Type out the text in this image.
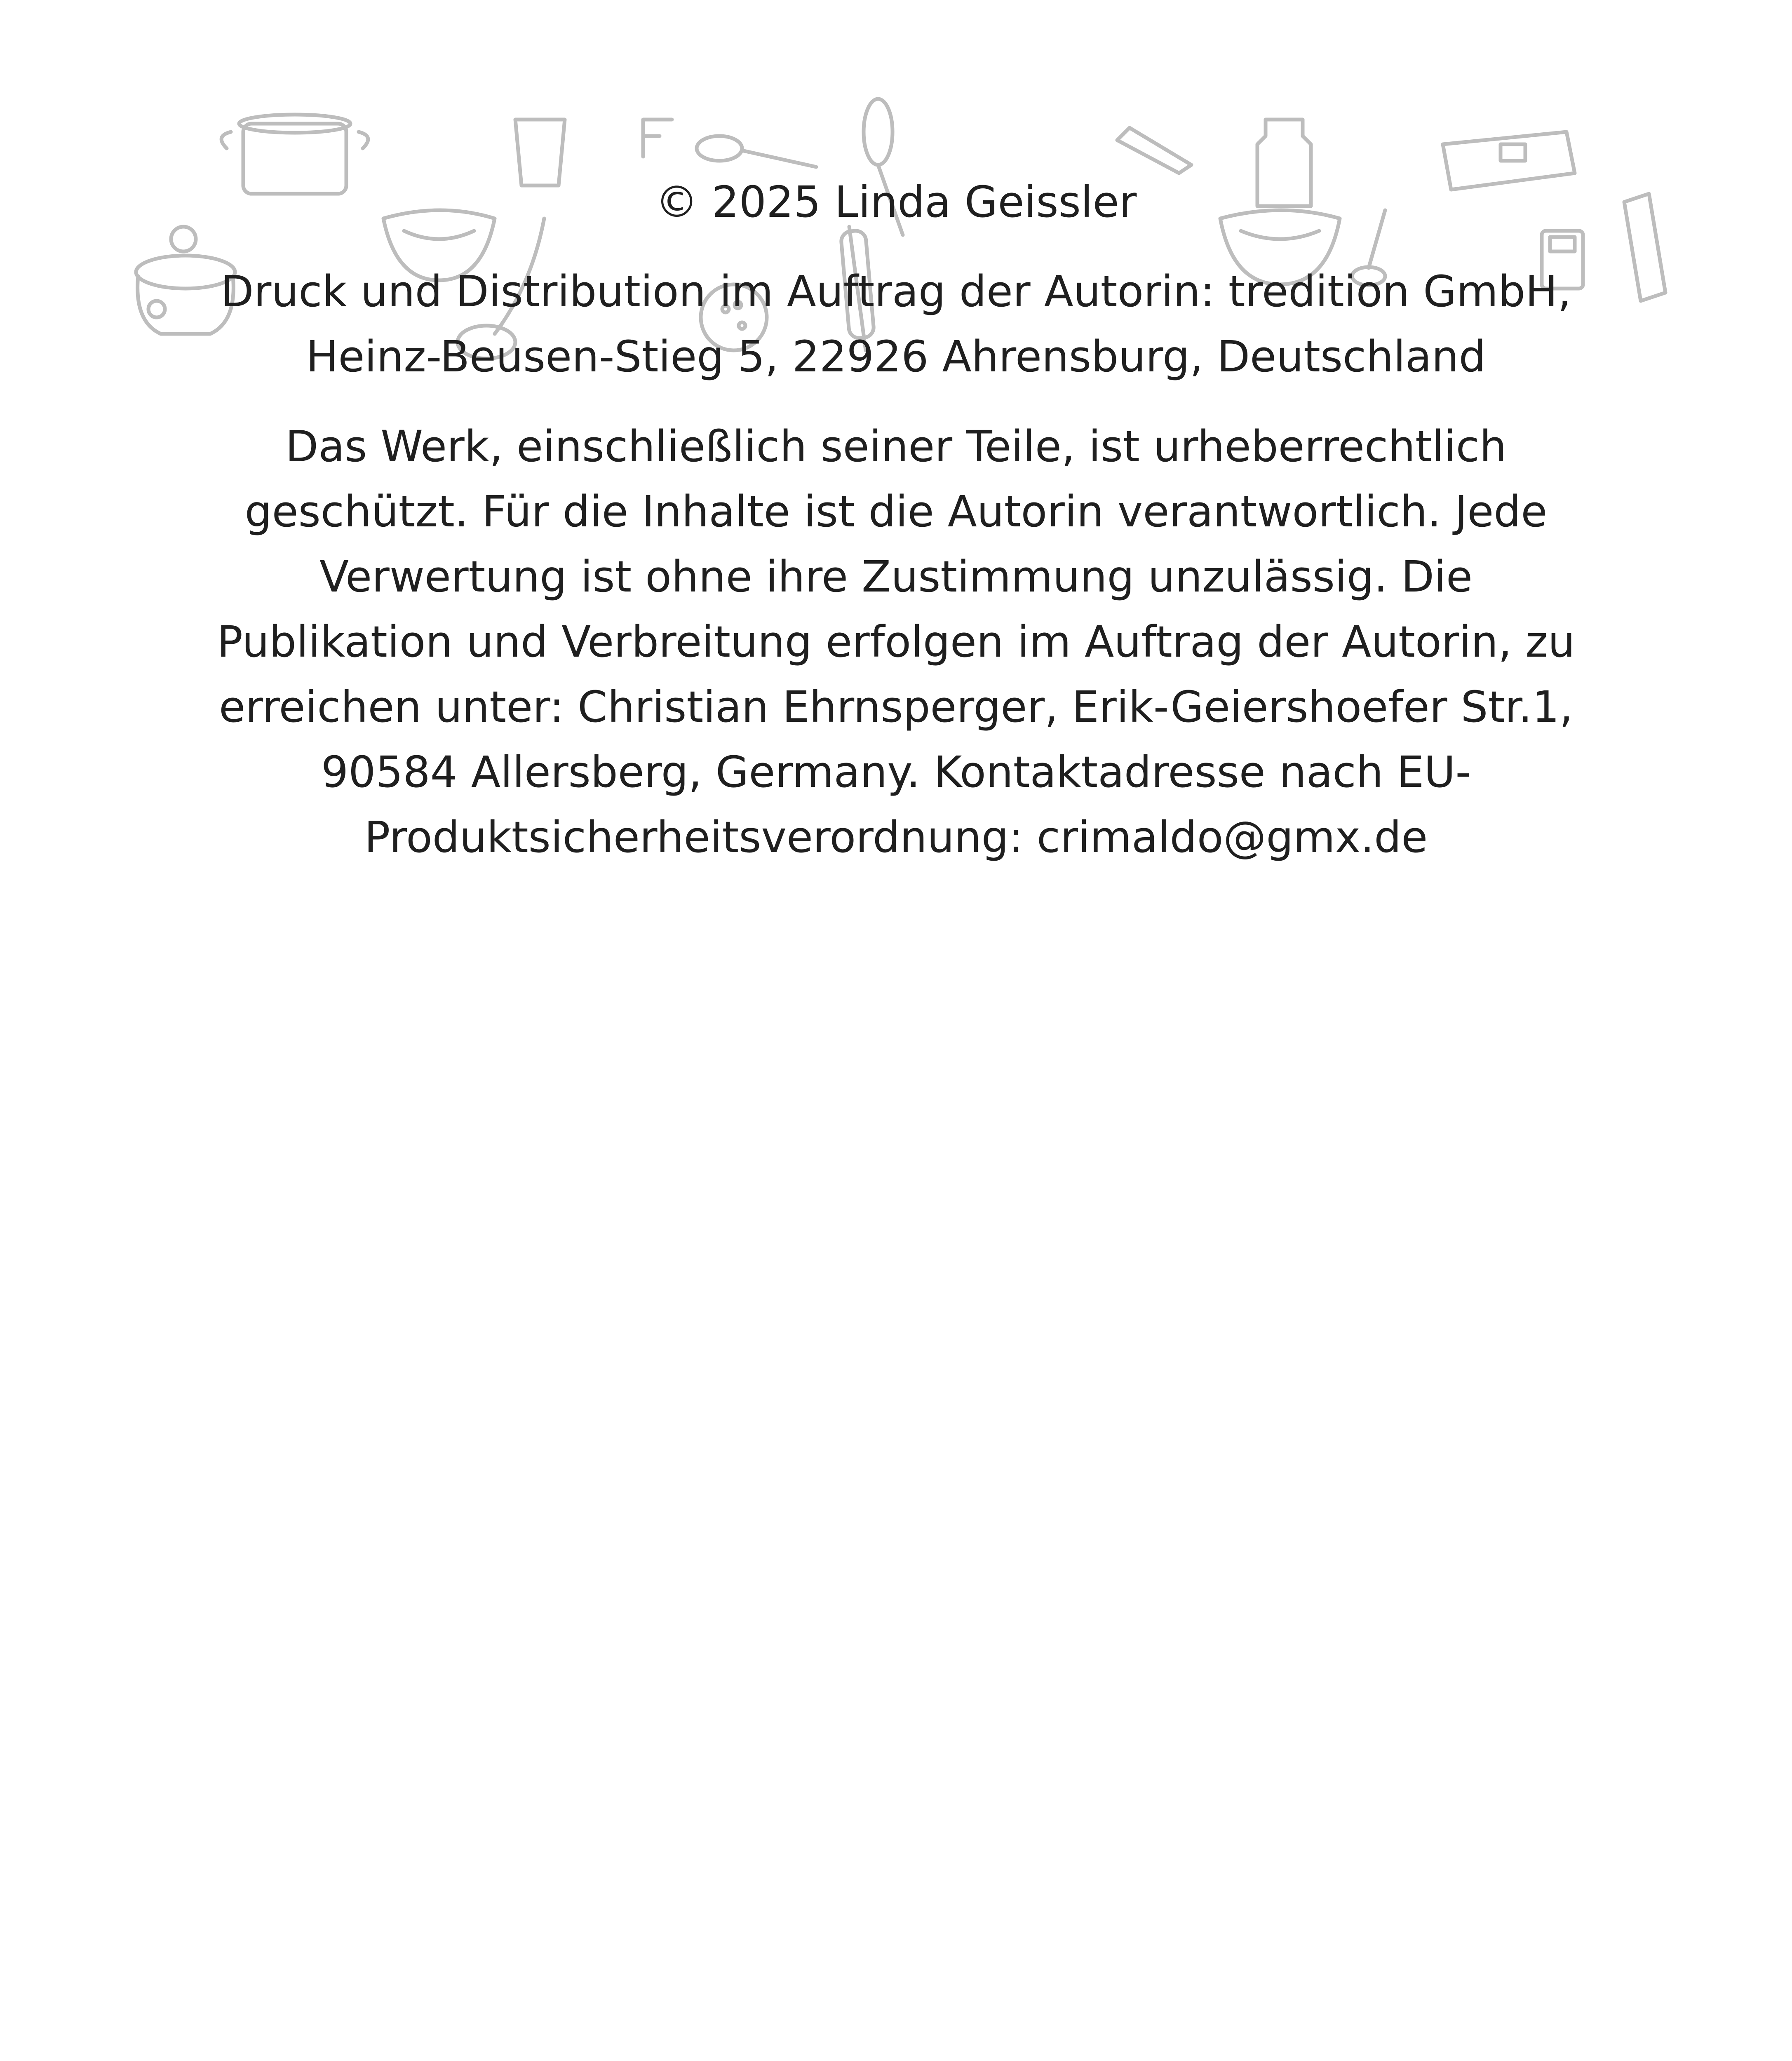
© 2025 Linda Geissler

Druck und Distribution im Auftrag der Autorin: tredition GmbH, Heinz-Beusen-Stieg 5, 22926 Ahrensburg, Deutschland

Das Werk, einschließlich seiner Teile, ist urheberrechtlich geschützt. Für die Inhalte ist die Autorin verantwortlich. Jede Verwertung ist ohne ihre Zustimmung unzulässig. Die Publikation und Verbreitung erfolgen im Auftrag der Autorin, zu erreichen unter: Christian Ehrnsperger, Erik-Geiershoefer Str.1, 90584 Allersberg, Germany. Kontaktadresse nach EU-Produktsicherheitsverordnung: crimaldo@gmx.de
